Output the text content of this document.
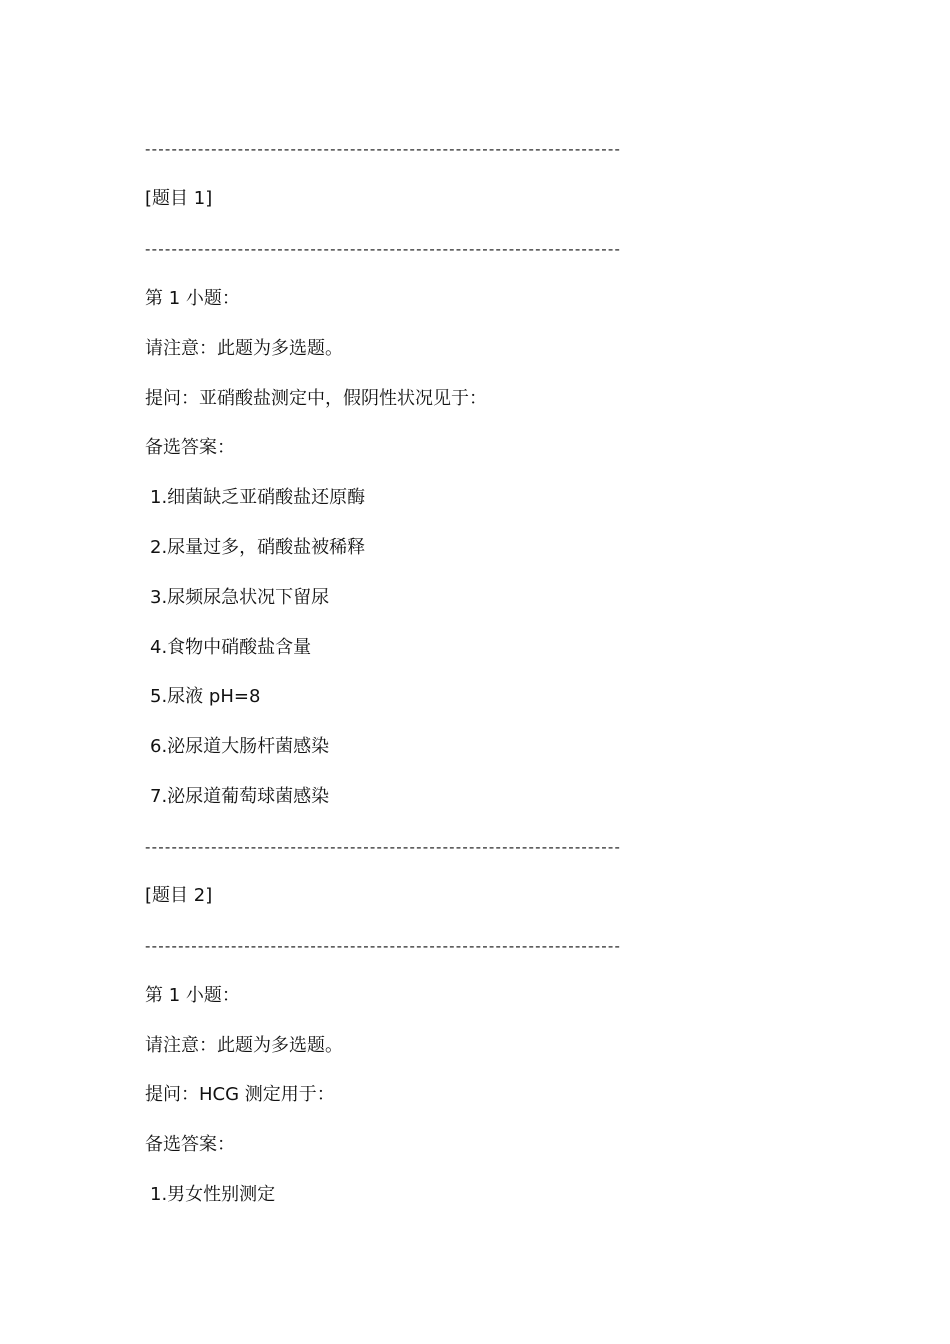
------------------------------------------------------------------------
[题目 1]
------------------------------------------------------------------------
第 1 小题：
请注意：此题为多选题。
提问：亚硝酸盐测定中，假阴性状况见于：
备选答案：
1.细菌缺乏亚硝酸盐还原酶
2.尿量过多，硝酸盐被稀释
3.尿频尿急状况下留尿
4.食物中硝酸盐含量
5.尿液 pH=8
6.泌尿道大肠杆菌感染
7.泌尿道葡萄球菌感染
------------------------------------------------------------------------
[题目 2]
------------------------------------------------------------------------
第 1 小题：
请注意：此题为多选题。
提问：HCG 测定用于：
备选答案：
1.男女性别测定
